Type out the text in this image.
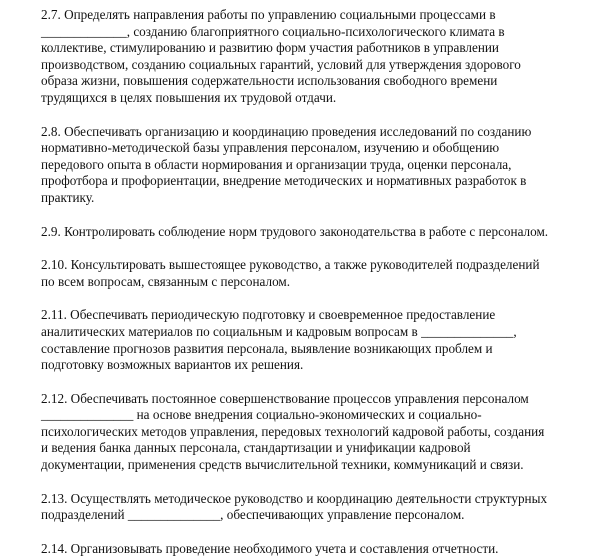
2.7. Определять направления работы по управлению социальными процессами в
_____________, созданию благоприятного социально-психологического климата в
коллективе, стимулированию и развитию форм участия работников в управлении
производством, созданию социальных гарантий, условий для утверждения здорового
образа жизни, повышения содержательности использования свободного времени
трудящихся в целях повышения их трудовой отдачи.
2.8. Обеспечивать организацию и координацию проведения исследований по созданию
нормативно-методической базы управления персоналом, изучению и обобщению
передового опыта в области нормирования и организации труда, оценки персонала,
профотбора и профориентации, внедрение методических и нормативных разработок в
практику.
2.9. Контролировать соблюдение норм трудового законодательства в работе с персоналом.
2.10. Консультировать вышестоящее руководство, а также руководителей подразделений
по всем вопросам, связанным с персоналом.
2.11. Обеспечивать периодическую подготовку и своевременное предоставление
аналитических материалов по социальным и кадровым вопросам в ______________,
составление прогнозов развития персонала, выявление возникающих проблем и
подготовку возможных вариантов их решения.
2.12. Обеспечивать постоянное совершенствование процессов управления персоналом
______________ на основе внедрения социально-экономических и социально-
психологических методов управления, передовых технологий кадровой работы, создания
и ведения банка данных персонала, стандартизации и унификации кадровой
документации, применения средств вычислительной техники, коммуникаций и связи.
2.13. Осуществлять методическое руководство и координацию деятельности структурных
подразделений ______________, обеспечивающих управление персоналом.
2.14. Организовывать проведение необходимого учета и составления отчетности.
